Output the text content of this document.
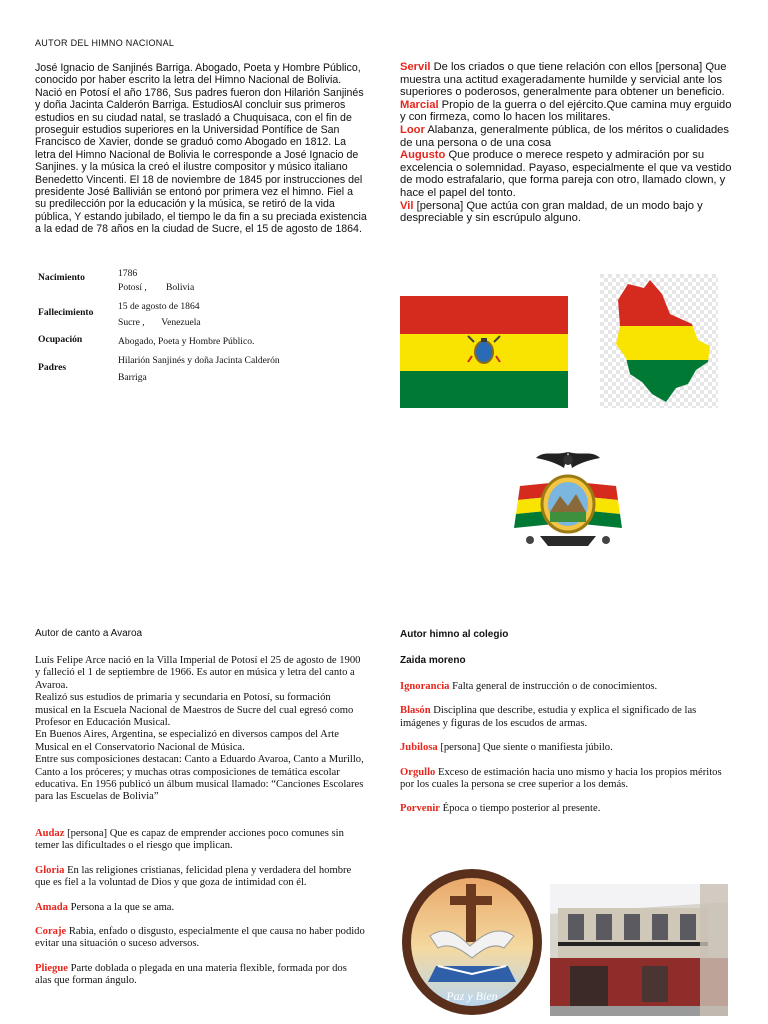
AUTOR DEL HIMNO NACIONAL
José Ignacio de Sanjinés Barriga. Abogado, Poeta y Hombre Público, conocido por haber escrito la letra del Himno Nacional de Bolivia. Nació en Potosí el año 1786, Sus padres fueron don Hilarión Sanjinés y doña Jacinta Calderón Barriga. EstudiosAl concluir sus primeros estudios en su ciudad natal, se trasladó a Chuquisaca, con el fin de proseguir estudios superiores en la Universidad Pontífice de San Francisco de Xavier, donde se graduó como Abogado en 1812. La letra del Himno Nacional de Bolivia le corresponde a José Ignacio de Sanjines. y la música la creó el ilustre compositor y músico italiano Benedetto Vincenti. El 18 de noviembre de 1845 por instrucciones del presidente José Ballivián se entonó por primera vez el himno. Fiel a su predilección por la educación y la música, se retiró de la vida pública, Y estando jubilado, el tiempo le da fin a su preciada existencia a la edad de 78 años en la ciudad de Sucre, el 15 de agosto de 1864.
Nacimiento	1786
Potosí ,        Bolivia
Fallecimiento
15 de agosto de 1864
Sucre ,       Venezuela
Ocupación	Abogado, Poeta y Hombre Público.
Padres
Hilarión Sanjinés y doña Jacinta Calderón
Barriga
Servil De los criados o que tiene relación con ellos [persona] Que muestra una actitud exageradamente humilde y servicial ante los superiores o poderosos, generalmente para obtener un beneficio.
Marcial Propio de la guerra o del ejército.Que camina muy erguido y con firmeza, como lo hacen los militares.
Loor Alabanza, generalmente pública, de los méritos o cualidades de una persona o de una cosa
Augusto Que produce o merece respeto y admiración por su excelencia o solemnidad. Payaso, especialmente el que va vestido de modo estrafalario, que forma pareja con otro, llamado clown, y hace el papel del tonto.
Vil [persona] Que actúa con gran maldad, de un modo bajo y despreciable y sin escrúpulo alguno.
Autor de canto a Avaroa
Luís Felipe Arce nació en la Villa Imperial de Potosí el 25 de agosto de 1900 y falleció el 1 de septiembre de 1966. Es autor en música y letra del canto a Avaroa.
Realizó sus estudios de primaria y secundaria en Potosí, su formación musical en la Escuela Nacional de Maestros de Sucre del cual egresó como Profesor en Educación Musical.
En Buenos Aires, Argentina, se especializó en diversos campos del Arte Musical en el Conservatorio Nacional de Música.
Entre sus composiciones destacan: Canto a Eduardo Avaroa, Canto a Murillo, Canto a los próceres; y muchas otras composiciones de temática escolar educativa. En 1956 publicó un álbum musical llamado: “Canciones Escolares para las Escuelas de Bolivia”
Audaz [persona] Que es capaz de emprender acciones poco comunes sin temer las dificultades o el riesgo que implican.
Gloria En las religiones cristianas, felicidad plena y verdadera del hombre que es fiel a la voluntad de Dios y que goza de intimidad con él.
Amada Persona a la que se ama.
Coraje Rabia, enfado o disgusto, especialmente el que causa no haber podido evitar una situación o suceso adversos.
Pliegue Parte doblada o plegada en una materia flexible, formada por dos alas que forman ángulo.
Autor himno al colegio
Zaida moreno
Ignorancia Falta general de instrucción o de conocimientos.
Blasón Disciplina que describe, estudia y explica el significado de las imágenes y figuras de los escudos de armas.
Jubilosa [persona] Que siente o manifiesta júbilo.
Orgullo Exceso de estimación hacia uno mismo y hacia los propios méritos por los cuales la persona se cree superior a los demás.
Porvenir Época o tiempo posterior al presente.
Paz y Bien
